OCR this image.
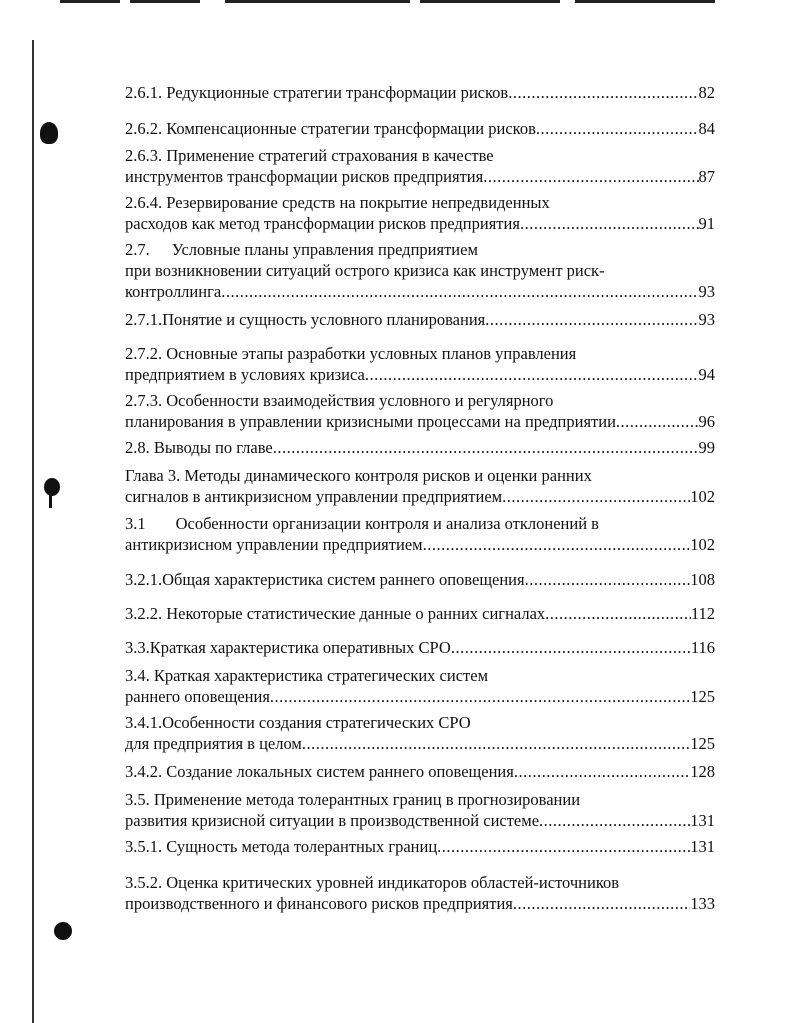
2.6.1. Редукционные стратегии трансформации рисков .....	82
2.6.2. Компенсационные стратегии трансформации рисков .....	84
2.6.3. Применение стратегий страхования в качестве
инструментов трансформации рисков предприятия .....	87
2.6.4. Резервирование средств на покрытие непредвиденных
расходов как метод трансформации рисков предприятия .....	91
2.7. Условные планы управления предприятием
при возникновении ситуаций острого кризиса как инструмент риск-
контроллинга .....	93
2.7.1.Понятие и сущность условного планирования .....	93
2.7.2. Основные этапы разработки условных планов управления
предприятием в условиях кризиса .....	94
2.7.3. Особенности взаимодействия условного и регулярного
планирования в управлении кризисными процессами на предприятии .....	96
2.8. Выводы по главе .....	99
Глава 3. Методы динамического контроля рисков и оценки ранних
сигналов в антикризисном управлении предприятием .....	102
3.1 Особенности организации контроля и анализа отклонений в
антикризисном управлении предприятием .....	102
3.2.1.Общая характеристика систем раннего оповещения .....	108
3.2.2. Некоторые статистические данные о ранних сигналах .....	112
3.3.Краткая характеристика оперативных СРО .....	116
3.4. Краткая характеристика стратегических систем
раннего оповещения .....	125
3.4.1.Особенности создания стратегических СРО
для предприятия в целом .....	125
3.4.2. Создание локальных систем раннего оповещения .....	128
3.5. Применение метода толерантных границ в прогнозировании
развития кризисной ситуации в производственной системе .....	131
3.5.1. Сущность метода толерантных границ .....	131
3.5.2. Оценка критических уровней индикаторов областей-источников
производственного и финансового рисков предприятия .....	133
